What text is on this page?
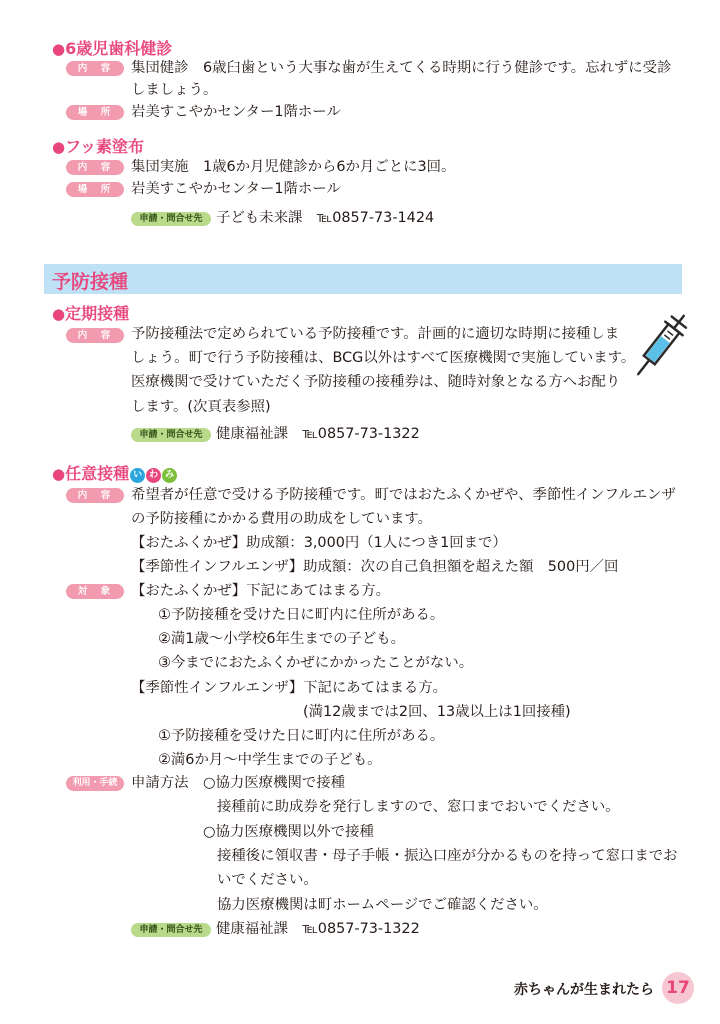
●6歳児歯科健診
内　容	集団健診　6歳臼歯という大事な歯が生えてくる時期に行う健診です。忘れずに受診
しましょう。
場　所	岩美すこやかセンター1階ホール
●フッ素塗布
内　容	集団実施　1歳6か月児健診から6か月ごとに3回。
場　所	岩美すこやかセンター1階ホール
申請・問合せ先 子ども未来課　℡0857-73-1424
予防接種
●定期接種
内　容	予防接種法で定められている予防接種です。計画的に適切な時期に接種しま
しょう。町で行う予防接種は、BCG以外はすべて医療機関で実施しています。
医療機関で受けていただく予防接種の接種券は、随時対象となる方へお配り
します。(次頁表参照)
申請・問合せ先 健康福祉課　℡0857-73-1322
●任意接種 い わ み
内　容	希望者が任意で受ける予防接種です。町ではおたふくかぜや、季節性インフルエンザ
の予防接種にかかる費用の助成をしています。
【おたふくかぜ】助成額：3,000円（1人につき1回まで）
【季節性インフルエンザ】助成額：次の自己負担額を超えた額　500円／回
対　象	【おたふくかぜ】下記にあてはまる方。
①予防接種を受けた日に町内に住所がある。
②満1歳～小学校6年生までの子ども。
③今までにおたふくかぜにかかったことがない。
【季節性インフルエンザ】下記にあてはまる方。
(満12歳までは2回、13歳以上は1回接種)
①予防接種を受けた日に町内に住所がある。
②満6か月～中学生までの子ども。
利用・手続 申請方法　○協力医療機関で接種
接種前に助成券を発行しますので、窓口までおいでください。
○協力医療機関以外で接種
接種後に領収書・母子手帳・振込口座が分かるものを持って窓口までお
いでください。
協力医療機関は町ホームページでご確認ください。
申請・問合せ先 健康福祉課　℡0857-73-1322
赤ちゃんが生まれたら 17
